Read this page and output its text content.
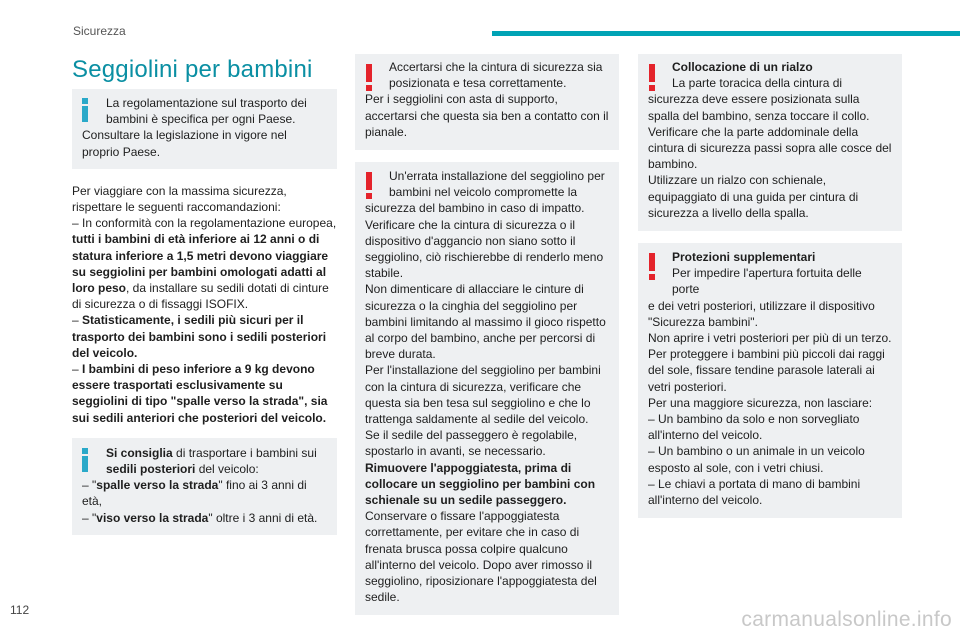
Sicurezza
Seggiolini per bambini

La regolamentazione sul trasporto dei

bambini è specifica per ogni Paese.

Consultare la legislazione in vigore nel proprio Paese.

Per viaggiare con la massima sicurezza, rispettare le seguenti raccomandazioni:

– In conformità con la regolamentazione europea, tutti i bambini di età inferiore ai 12 anni o di statura inferiore a 1,5 metri devono viaggiare su seggiolini per bambini omologati adatti al loro peso, da installare su sedili dotati di cinture di sicurezza o di fissaggi ISOFIX.

– Statisticamente, i sedili più sicuri per il trasporto dei bambini sono i sedili posteriori del veicolo.

– I bambini di peso inferiore a 9 kg devono essere trasportati esclusivamente su seggiolini di tipo "spalle verso la strada", sia sui sedili anteriori che posteriori del veicolo.

Si consiglia di trasportare i bambini sui

sedili posteriori del veicolo:

– "spalle verso la strada" fino ai 3 anni di età,

– "viso verso la strada" oltre i 3 anni di età.

Accertarsi che la cintura di sicurezza sia

posizionata e tesa correttamente.

Per i seggiolini con asta di supporto, accertarsi che questa sia ben a contatto con il pianale.

Un'errata installazione del seggiolino per

bambini nel veicolo compromette la

sicurezza del bambino in caso di impatto.

Verificare che la cintura di sicurezza o il dispositivo d'aggancio non siano sotto il seggiolino, ciò rischierebbe di renderlo meno stabile.

Non dimenticare di allacciare le cinture di sicurezza o la cinghia del seggiolino per bambini limitando al massimo il gioco rispetto al corpo del bambino, anche per percorsi di breve durata.

Per l'installazione del seggiolino per bambini con la cintura di sicurezza, verificare che questa sia ben tesa sul seggiolino e che lo trattenga saldamente al sedile del veicolo.

Se il sedile del passeggero è regolabile, spostarlo in avanti, se necessario.

Rimuovere l'appoggiatesta, prima di collocare un seggiolino per bambini con schienale su un sedile passeggero.

Conservare o fissare l'appoggiatesta correttamente, per evitare che in caso di frenata brusca possa colpire qualcuno all'interno del veicolo. Dopo aver rimosso il seggiolino, riposizionare l'appoggiatesta del sedile.

Collocazione di un rialzo

La parte toracica della cintura di

sicurezza deve essere posizionata sulla spalla del bambino, senza toccare il collo.

Verificare che la parte addominale della cintura di sicurezza passi sopra alle cosce del bambino.

Utilizzare un rialzo con schienale, equipaggiato di una guida per cintura di sicurezza a livello della spalla.

Protezioni supplementari

Per impedire l'apertura fortuita delle porte

e dei vetri posteriori, utilizzare il dispositivo "Sicurezza bambini".

Non aprire i vetri posteriori per più di un terzo.

Per proteggere i bambini più piccoli dai raggi del sole, fissare tendine parasole laterali ai vetri posteriori.

Per una maggiore sicurezza, non lasciare:

– Un bambino da solo e non sorvegliato all'interno del veicolo.

– Un bambino o un animale in un veicolo esposto al sole, con i vetri chiusi.

– Le chiavi a portata di mano di bambini all'interno del veicolo.

112	carmanualsonline.info
